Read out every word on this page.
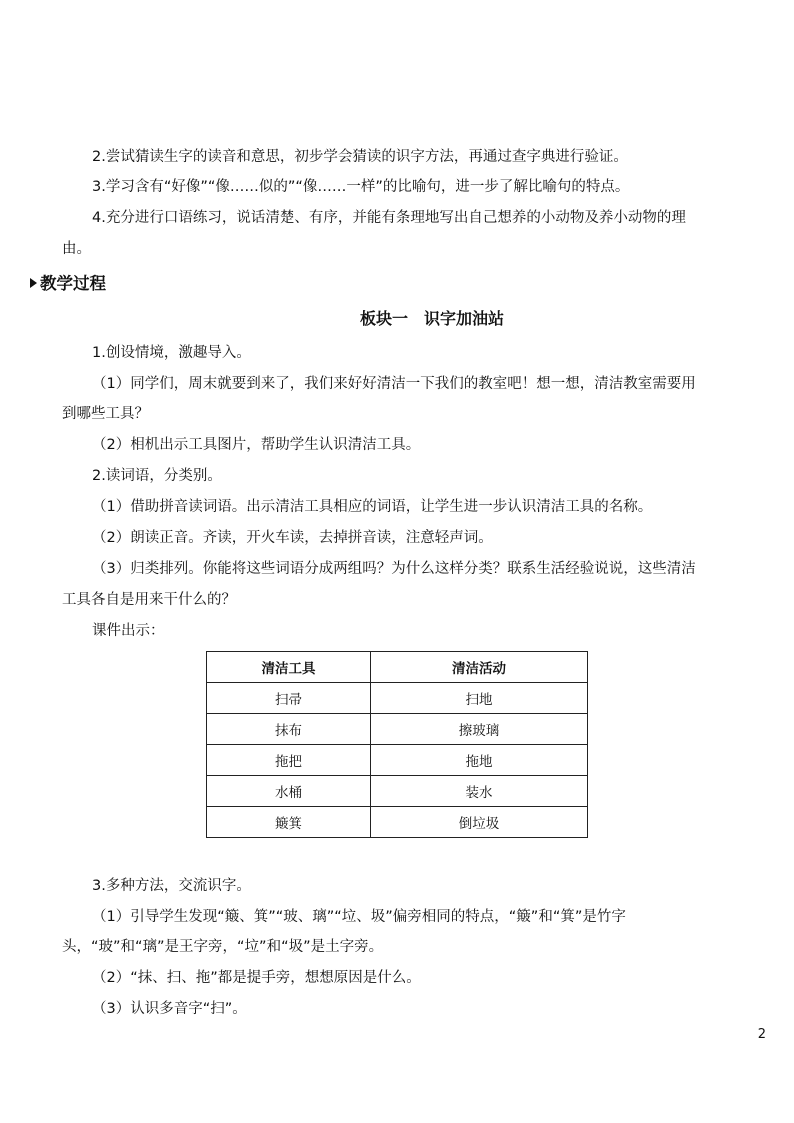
2.尝试猜读生字的读音和意思，初步学会猜读的识字方法，再通过查字典进行验证。
3.学习含有“好像”“像……似的”“像……一样”的比喻句，进一步了解比喻句的特点。
4.充分进行口语练习，说话清楚、有序，并能有条理地写出自己想养的小动物及养小动物的理
由。
教学过程
板块一 识字加油站
1.创设情境，激趣导入。
（1）同学们，周末就要到来了，我们来好好清洁一下我们的教室吧！想一想，清洁教室需要用
到哪些工具？
（2）相机出示工具图片，帮助学生认识清洁工具。
2.读词语，分类别。
（1）借助拼音读词语。出示清洁工具相应的词语，让学生进一步认识清洁工具的名称。
（2）朗读正音。齐读，开火车读，去掉拼音读，注意轻声词。
（3）归类排列。你能将这些词语分成两组吗？为什么这样分类？联系生活经验说说，这些清洁
工具各自是用来干什么的？
课件出示：
清洁工具	清洁活动
扫帚	扫地
抹布	擦玻璃
拖把	拖地
水桶	装水
簸箕	倒垃圾
3.多种方法，交流识字。
（1）引导学生发现“簸、箕”“玻、璃”“垃、圾”偏旁相同的特点，“簸”和“箕”是竹字
头，“玻”和“璃”是王字旁，“垃”和“圾”是土字旁。
（2）“抹、扫、拖”都是提手旁，想想原因是什么。
（3）认识多音字“扫”。
2
